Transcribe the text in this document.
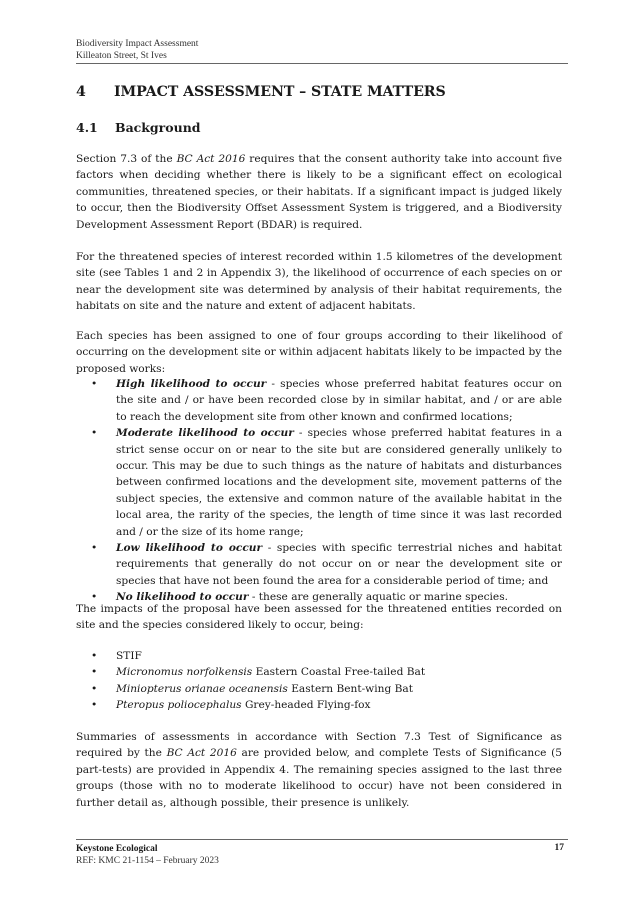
Biodiversity Impact Assessment
Killeaton Street, St Ives
4 IMPACT ASSESSMENT – STATE MATTERS
4.1 Background

Section 7.3 of the BC Act 2016 requires that the consent authority take into account five factors when deciding whether there is likely to be a significant effect on ecological communities, threatened species, or their habitats. If a significant impact is judged likely to occur, then the Biodiversity Offset Assessment System is triggered, and a Biodiversity Development Assessment Report (BDAR) is required.

For the threatened species of interest recorded within 1.5 kilometres of the development site (see Tables 1 and 2 in Appendix 3), the likelihood of occurrence of each species on or near the development site was determined by analysis of their habitat requirements, the habitats on site and the nature and extent of adjacent habitats.

Each species has been assigned to one of four groups according to their likelihood of occurring on the development site or within adjacent habitats likely to be impacted by the proposed works:

• High likelihood to occur - species whose preferred habitat features occur on the site and / or have been recorded close by in similar habitat, and / or are able to reach the development site from other known and confirmed locations;
• Moderate likelihood to occur - species whose preferred habitat features in a strict sense occur on or near to the site but are considered generally unlikely to occur. This may be due to such things as the nature of habitats and disturbances between confirmed locations and the development site, movement patterns of the subject species, the extensive and common nature of the available habitat in the local area, the rarity of the species, the length of time since it was last recorded and / or the size of its home range;
• Low likelihood to occur - species with specific terrestrial niches and habitat requirements that generally do not occur on or near the development site or species that have not been found the area for a considerable period of time; and
• No likelihood to occur - these are generally aquatic or marine species.

The impacts of the proposal have been assessed for the threatened entities recorded on site and the species considered likely to occur, being:

• STIF
• Micronomus norfolkensis Eastern Coastal Free-tailed Bat
• Miniopterus orianae oceanensis Eastern Bent-wing Bat
• Pteropus poliocephalus Grey-headed Flying-fox

Summaries of assessments in accordance with Section 7.3 Test of Significance as required by the BC Act 2016 are provided below, and complete Tests of Significance (5 part-tests) are provided in Appendix 4. The remaining species assigned to the last three groups (those with no to moderate likelihood to occur) have not been considered in further detail as, although possible, their presence is unlikely.

Keystone Ecological
REF: KMC 21-1154 – February 2023
17
